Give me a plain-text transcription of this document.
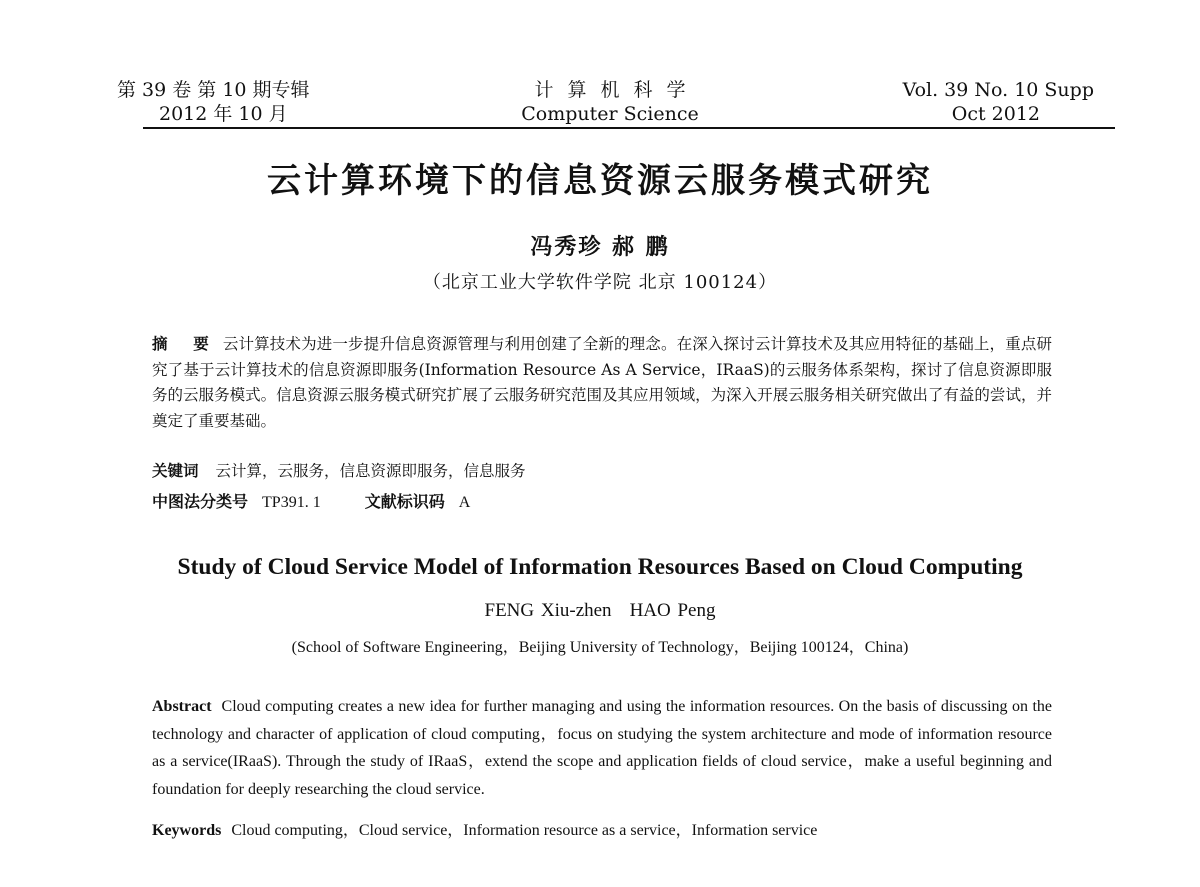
第 39 卷 第 10 期专辑
2012 年 10 月
计算机科学
Computer Science
Vol. 39 No. 10 Supp
Oct 2012
云计算环境下的信息资源云服务模式研究
冯秀珍 郝 鹏
（北京工业大学软件学院 北京 100124）
摘 要 云计算技术为进一步提升信息资源管理与利用创建了全新的理念。在深入探讨云计算技术及其应用特征的基础上，重点研究了基于云计算技术的信息资源即服务(Information Resource As A Service，IRaaS)的云服务体系架构，探讨了信息资源即服务的云服务模式。信息资源云服务模式研究扩展了云服务研究范围及其应用领域，为深入开展云服务相关研究做出了有益的尝试，并奠定了重要基础。
关键词 云计算，云服务，信息资源即服务，信息服务
中图法分类号 TP391. 1	文献标识码 A
Study of Cloud Service Model of Information Resources Based on Cloud Computing
FENG Xiu-zhen HAO Peng
(School of Software Engineering，Beijing University of Technology，Beijing 100124，China)
Abstract Cloud computing creates a new idea for further managing and using the information resources. On the basis of discussing on the technology and character of application of cloud computing，focus on studying the system architecture and mode of information resource as a service(IRaaS). Through the study of IRaaS，extend the scope and application fields of cloud service，make a useful beginning and foundation for deeply researching the cloud service.
Keywords Cloud computing，Cloud service，Information resource as a service，Information service
